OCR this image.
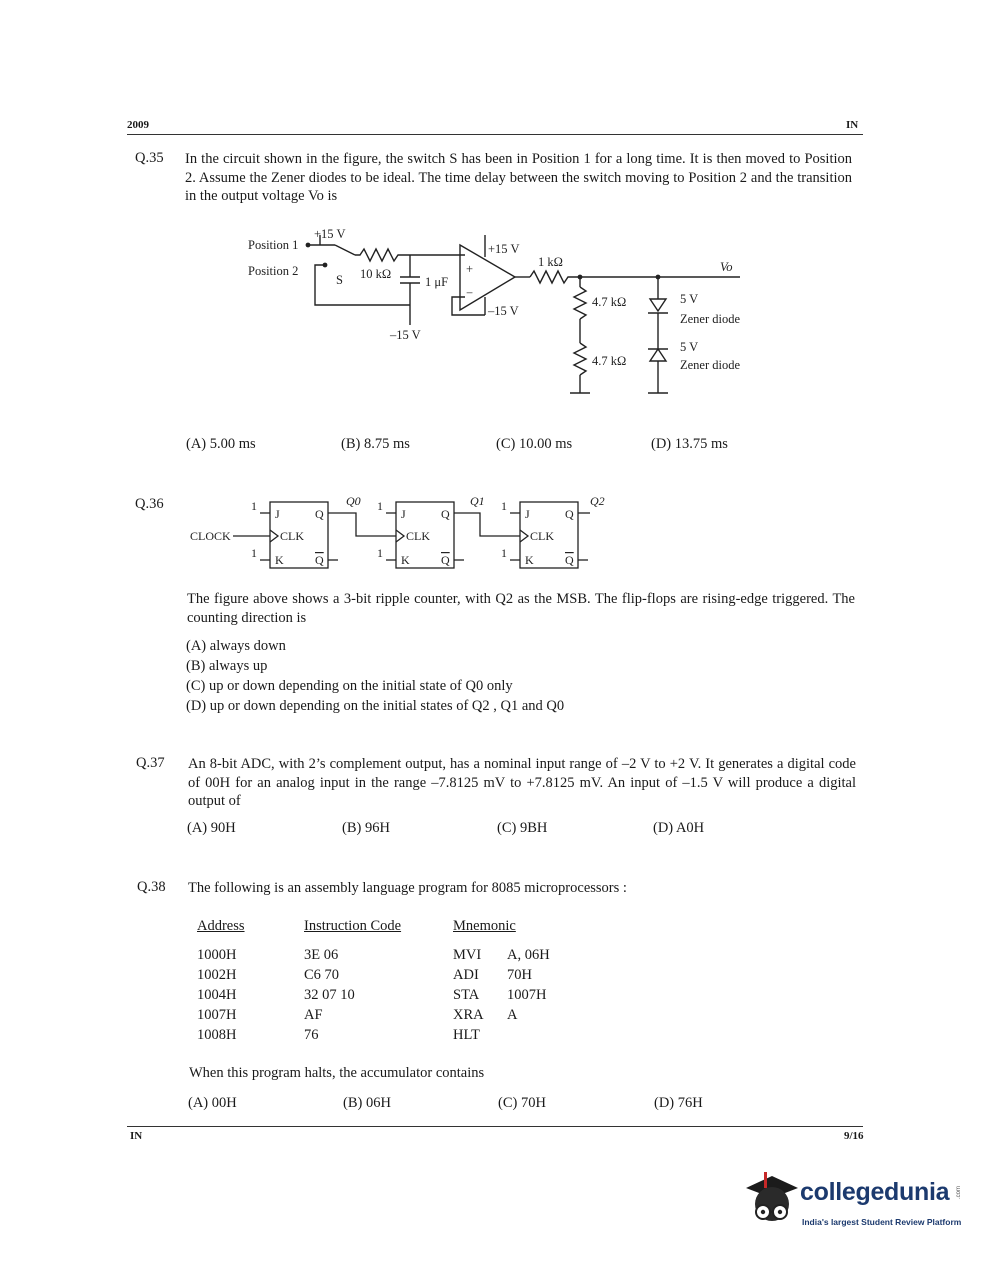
2009	IN
Q.35 In the circuit shown in the figure, the switch S has been in Position 1 for a long time. It is then moved to Position 2. Assume the Zener diodes to be ideal. The time delay between the switch moving to Position 2 and the transition in the output voltage Vo is
+15 V
Position 1
Position 2
S 10 kΩ
1 μF
–15 V
+15 V
–15 V
+
−
1 kΩ
4.7 kΩ
4.7 kΩ
5 V
Zener diode
5 V
Zener diode
Vo
(A) 5.00 ms	(B) 8.75 ms	(C) 10.00 ms	(D) 13.75 ms
Q.36
CLOCK
1
1
1
1
1
1
J
K
CLK
Q
Q
J
K
CLK
Q
Q
J
K
CLK
Q
Q
Q0	Q1	Q2
The figure above shows a 3-bit ripple counter, with Q2 as the MSB. The flip-flops are rising-edge triggered. The counting direction is
(A) always down
(B) always up
(C) up or down depending on the initial state of Q0 only
(D) up or down depending on the initial states of Q2 , Q1 and Q0
Q.37 An 8-bit ADC, with 2’s complement output, has a nominal input range of –2 V to +2 V. It generates a digital code of 00H for an analog input in the range –7.8125 mV to +7.8125 mV. An input of –1.5 V will produce a digital output of
(A) 90H	(B) 96H	(C) 9BH	(D) A0H
Q.38 The following is an assembly language program for 8085 microprocessors :
Address	Instruction Code	Mnemonic
1000H	3E 06	MVI A, 06H
1002H	C6 70	ADI 70H
1004H	32 07 10	STA 1007H
1007H	AF	XRA A
1008H	76	HLT
When this program halts, the accumulator contains
(A) 00H	(B) 06H	(C) 70H	(D) 76H
IN	9/16
collegedunia .com
India's largest Student Review Platform
